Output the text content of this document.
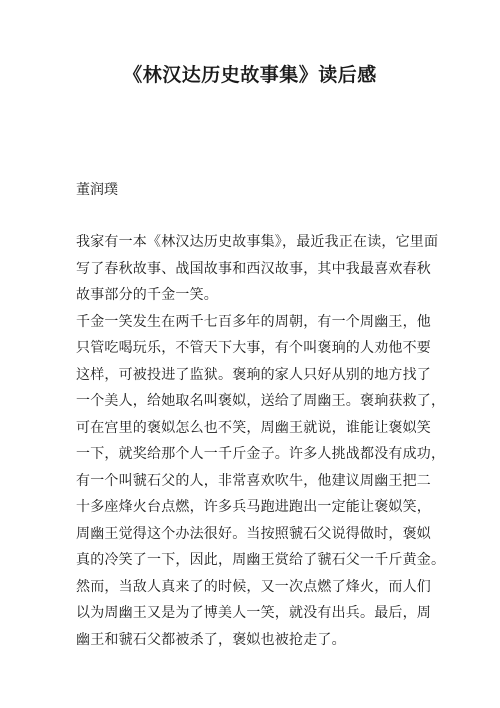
《林汉达历史故事集》读后感

董润璞

我家有一本《林汉达历史故事集》，最近我正在读，它里面
写了春秋故事、战国故事和西汉故事，其中我最喜欢春秋
故事部分的千金一笑。
千金一笑发生在两千七百多年的周朝，有一个周幽王，他
只管吃喝玩乐，不管天下大事，有个叫褒珦的人劝他不要
这样，可被投进了监狱。褒珦的家人只好从别的地方找了
一个美人，给她取名叫褒姒，送给了周幽王。褒珦获救了，
可在宫里的褒姒怎么也不笑，周幽王就说，谁能让褒姒笑
一下，就奖给那个人一千斤金子。许多人挑战都没有成功，
有一个叫虢石父的人，非常喜欢吹牛，他建议周幽王把二
十多座烽火台点燃，许多兵马跑进跑出一定能让褒姒笑，
周幽王觉得这个办法很好。当按照虢石父说得做时，褒姒
真的冷笑了一下，因此，周幽王赏给了虢石父一千斤黄金。
然而，当敌人真来了的时候，又一次点燃了烽火，而人们
以为周幽王又是为了博美人一笑，就没有出兵。最后，周
幽王和虢石父都被杀了，褒姒也被抢走了。
